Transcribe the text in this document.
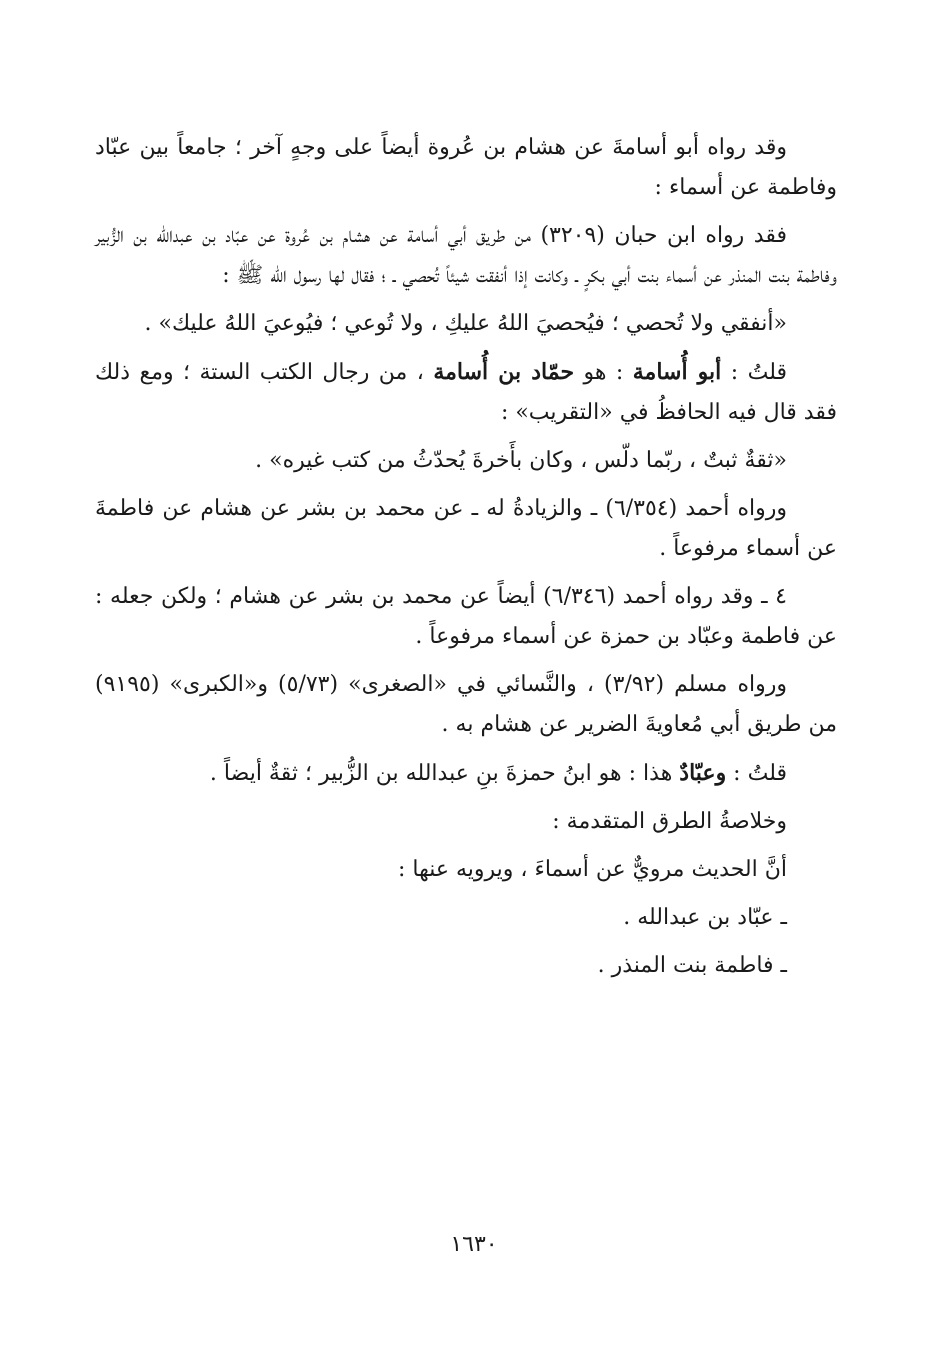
وقد رواه أبو أسامةَ عن هشام بن عُروة أيضاً على وجهٍ آخر ؛ جامعاً بين عبّاد وفاطمة عن أسماء :

فقد رواه ابن حبان (٣٢٠٩) من طريق أبي أسامة عن هشام بن عُروة عن عبّاد بن عبدالله بن الزُّبير وفاطمة بنت المنذر عن أسماء بنت أبي بكرٍ ـ وكانت إذا أنفقت شيئاً تُحصي ـ ؛ فقال لها رسول الله ﷺ :

«أنفقي ولا تُحصي ؛ فيُحصيَ اللهُ عليكِ ، ولا تُوعي ؛ فيُوعيَ اللهُ عليك» .

قلتُ : أبو أُسامة : هو حمّاد بن أُسامة ، من رجال الكتب الستة ؛ ومع ذلك فقد قال فيه الحافظُ في «التقريب» :

«ثقةٌ ثبتٌ ، ربّما دلّس ، وكان بأَخرةَ يُحدّثُ من كتب غيره» .

ورواه أحمد (٦/٣٥٤) ـ والزيادةُ له ـ عن محمد بن بشر عن هشام عن فاطمةَ عن أسماء مرفوعاً .

٤ ـ وقد رواه أحمد (٦/٣٤٦) أيضاً عن محمد بن بشر عن هشام ؛ ولكن جعله : عن فاطمة وعبّاد بن حمزة عن أسماء مرفوعاً .

ورواه مسلم (٣/٩٢) ، والنَّسائي في «الصغرى» (٥/٧٣) و«الكبرى» (٩١٩٥) من طريق أبي مُعاويةَ الضرير عن هشام به .

قلتُ : وعبّادٌ هذا : هو ابنُ حمزةَ بنِ عبدالله بن الزُّبير ؛ ثقةٌ أيضاً .

وخلاصةُ الطرق المتقدمة :

أنَّ الحديث مرويٌّ عن أسماءَ ، ويرويه عنها :

ـ عبّاد بن عبدالله .

ـ فاطمة بنت المنذر .

١٦٣٠
